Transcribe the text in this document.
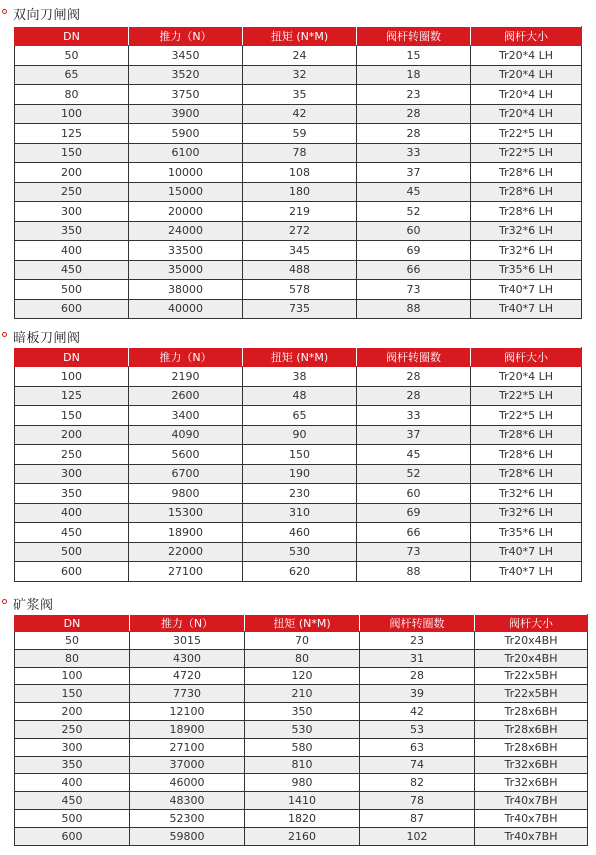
双向刀闸阀
DN	推力（N）	扭矩 (N*M)	阀杆转圈数	阀杆大小
50	3450	24	15	Tr20*4 LH
65	3520	32	18	Tr20*4 LH
80	3750	35	23	Tr20*4 LH
100	3900	42	28	Tr20*4 LH
125	5900	59	28	Tr22*5 LH
150	6100	78	33	Tr22*5 LH
200	10000	108	37	Tr28*6 LH
250	15000	180	45	Tr28*6 LH
300	20000	219	52	Tr28*6 LH
350	24000	272	60	Tr32*6 LH
400	33500	345	69	Tr32*6 LH
450	35000	488	66	Tr35*6 LH
500	38000	578	73	Tr40*7 LH
600	40000	735	88	Tr40*7 LH
暗板刀闸阀
DN	推力（N）	扭矩 (N*M)	阀杆转圈数	阀杆大小
100	2190	38	28	Tr20*4 LH
125	2600	48	28	Tr22*5 LH
150	3400	65	33	Tr22*5 LH
200	4090	90	37	Tr28*6 LH
250	5600	150	45	Tr28*6 LH
300	6700	190	52	Tr28*6 LH
350	9800	230	60	Tr32*6 LH
400	15300	310	69	Tr32*6 LH
450	18900	460	66	Tr35*6 LH
500	22000	530	73	Tr40*7 LH
600	27100	620	88	Tr40*7 LH
矿浆阀
DN	推力（N）	扭矩 (N*M)	阀杆转圈数	阀杆大小
50	3015	70	23	Tr20x4BH
80	4300	80	31	Tr20x4BH
100	4720	120	28	Tr22x5BH
150	7730	210	39	Tr22x5BH
200	12100	350	42	Tr28x6BH
250	18900	530	53	Tr28x6BH
300	27100	580	63	Tr28x6BH
350	37000	810	74	Tr32x6BH
400	46000	980	82	Tr32x6BH
450	48300	1410	78	Tr40x7BH
500	52300	1820	87	Tr40x7BH
600	59800	2160	102	Tr40x7BH
